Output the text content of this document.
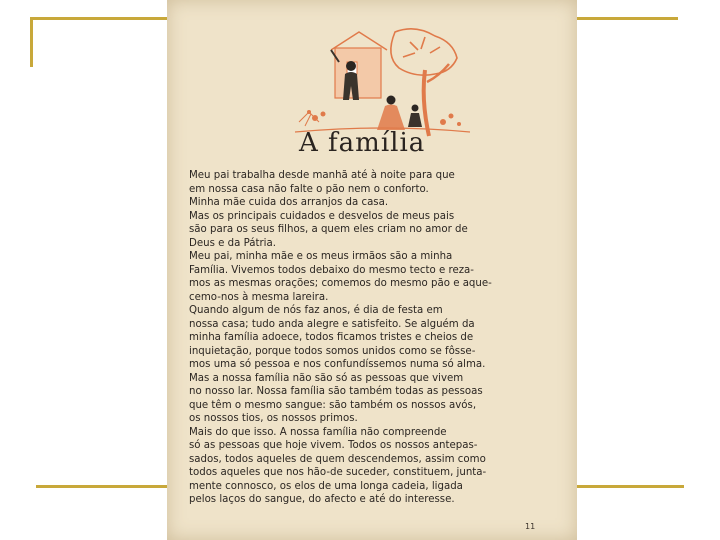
A família
Meu pai trabalha desde manhã até à noite para que
em nossa casa não falte o pão nem o conforto.
Minha mãe cuida dos arranjos da casa.
Mas os principais cuidados e desvelos de meus pais
são para os seus filhos, a quem eles criam no amor de
Deus e da Pátria.
Meu pai, minha mãe e os meus irmãos são a minha
Família. Vivemos todos debaixo do mesmo tecto e reza-
mos as mesmas orações; comemos do mesmo pão e aque-
cemo-nos à mesma lareira.
Quando algum de nós faz anos, é dia de festa em
nossa casa; tudo anda alegre e satisfeito. Se alguém da
minha família adoece, todos ficamos tristes e cheios de
inquietação, porque todos somos unidos como se fôsse-
mos uma só pessoa e nos confundíssemos numa só alma.
Mas a nossa família não são só as pessoas que vivem
no nosso lar. Nossa família são também todas as pessoas
que têm o mesmo sangue: são também os nossos avós,
os nossos tios, os nossos primos.
Mais do que isso. A nossa família não compreende
só as pessoas que hoje vivem. Todos os nossos antepas-
sados, todos aqueles de quem descendemos, assim como
todos aqueles que nos hão-de suceder, constituem, junta-
mente connosco, os elos de uma longa cadeia, ligada
pelos laços do sangue, do afecto e até do interesse.
11
